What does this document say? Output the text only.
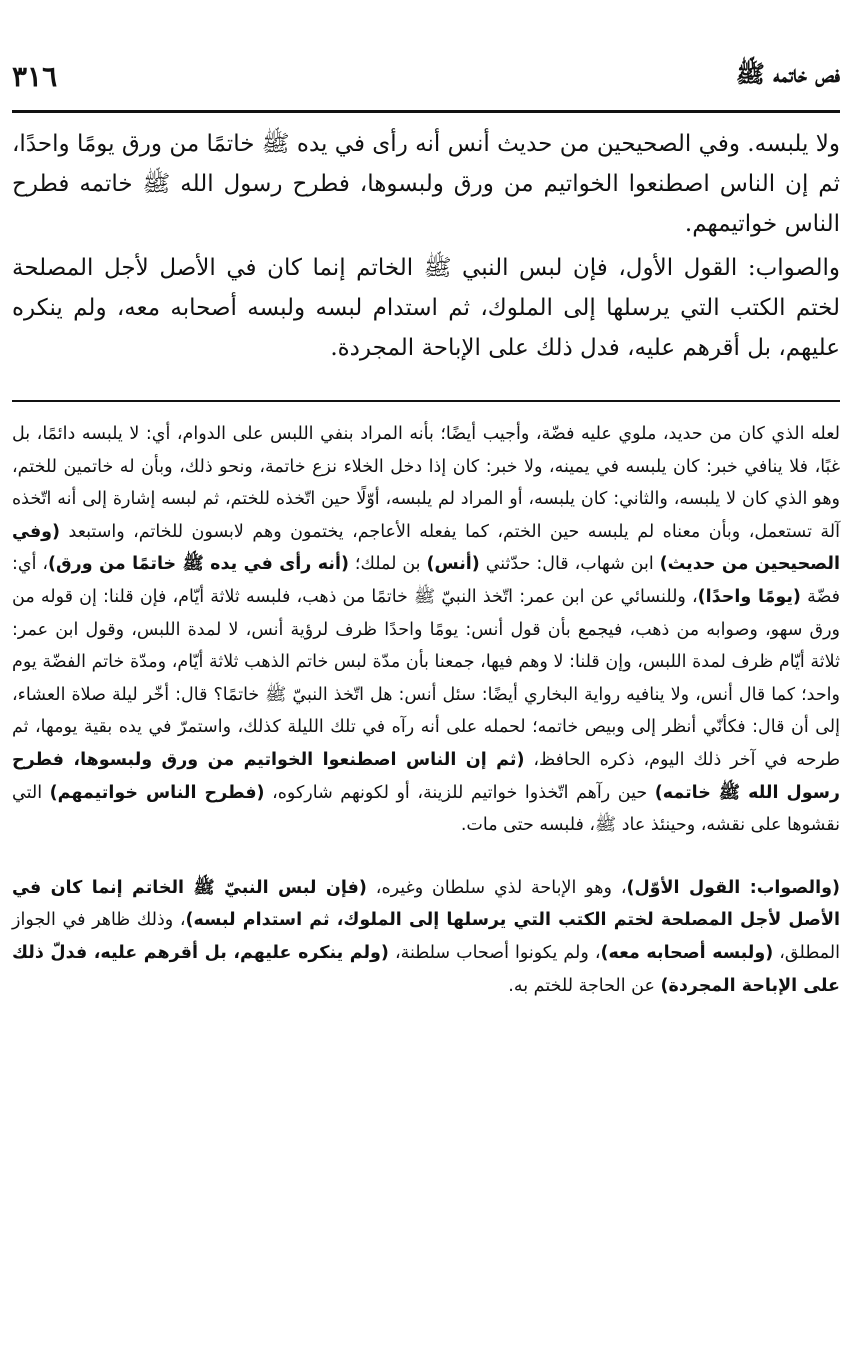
فص خاتمه ﷺ
٣١٦

ولا يلبسه. وفي الصحيحين من حديث أنس أنه رأى في يده ﷺ خاتمًا من ورق يومًا واحدًا، ثم إن الناس اصطنعوا الخواتيم من ورق ولبسوها، فطرح رسول الله ﷺ خاتمه فطرح الناس خواتيمهم.

والصواب: القول الأول، فإن لبس النبي ﷺ الخاتم إنما كان في الأصل لأجل المصلحة لختم الكتب التي يرسلها إلى الملوك، ثم استدام لبسه ولبسه أصحابه معه، ولم ينكره عليهم، بل أقرهم عليه، فدل ذلك على الإباحة المجردة.

لعله الذي كان من حديد، ملوي عليه فضّة، وأجيب أيضًا؛ بأنه المراد بنفي اللبس على الدوام، أي: لا يلبسه دائمًا، بل غبًا، فلا ينافي خبر: كان يلبسه في يمينه، ولا خبر: كان إذا دخل الخلاء نزع خاتمة، ونحو ذلك، وبأن له خاتمين للختم، وهو الذي كان لا يلبسه، والثاني: كان يلبسه، أو المراد لم يلبسه، أوّلًا حين اتّخذه للختم، ثم لبسه إشارة إلى أنه اتّخذه آلة تستعمل، وبأن معناه لم يلبسه حين الختم، كما يفعله الأعاجم، يختمون وهم لابسون للخاتم، واستبعد (وفي الصحيحين من حديث) ابن شهاب، قال: حدّثني (أنس) بن لملك؛ (أنه رأى في يده ﷺ خاتمًا من ورق)، أي: فضّة (يومًا واحدًا)، وللنسائي عن ابن عمر: اتّخذ النبيّ ﷺ خاتمًا من ذهب، فلبسه ثلاثة أيّام، فإن قلنا: إن قوله من ورق سهو، وصوابه من ذهب، فيجمع بأن قول أنس: يومًا واحدًا ظرف لرؤية أنس، لا لمدة اللبس، وقول ابن عمر: ثلاثة أيّام ظرف لمدة اللبس، وإن قلنا: لا وهم فيها، جمعنا بأن مدّة لبس خاتم الذهب ثلاثة أيّام، ومدّة خاتم الفضّة يوم واحد؛ كما قال أنس، ولا ينافيه رواية البخاري أيضًا: سئل أنس: هل اتّخذ النبيّ ﷺ خاتمًا؟ قال: أخّر ليلة صلاة العشاء، إلى أن قال: فكأنّي أنظر إلى وبيص خاتمه؛ لحمله على أنه رآه في تلك الليلة كذلك، واستمرّ في يده بقية يومها، ثم طرحه في آخر ذلك اليوم، ذكره الحافظ، (ثم إن الناس اصطنعوا الخواتيم من ورق ولبسوها، فطرح رسول الله ﷺ خاتمه) حين رآهم اتّخذوا خواتيم للزينة، أو لكونهم شاركوه، (فطرح الناس خواتيمهم) التي نقشوها على نقشه، وحينئذ عاد ﷺ، فلبسه حتى مات.

(والصواب: القول الأوّل)، وهو الإباحة لذي سلطان وغيره، (فإن لبس النبيّ ﷺ الخاتم إنما كان في الأصل لأجل المصلحة لختم الكتب التي يرسلها إلى الملوك، ثم استدام لبسه)، وذلك ظاهر في الجواز المطلق، (ولبسه أصحابه معه)، ولم يكونوا أصحاب سلطنة، (ولم ينكره عليهم، بل أقرهم عليه، فدلّ ذلك على الإباحة المجردة) عن الحاجة للختم به.
